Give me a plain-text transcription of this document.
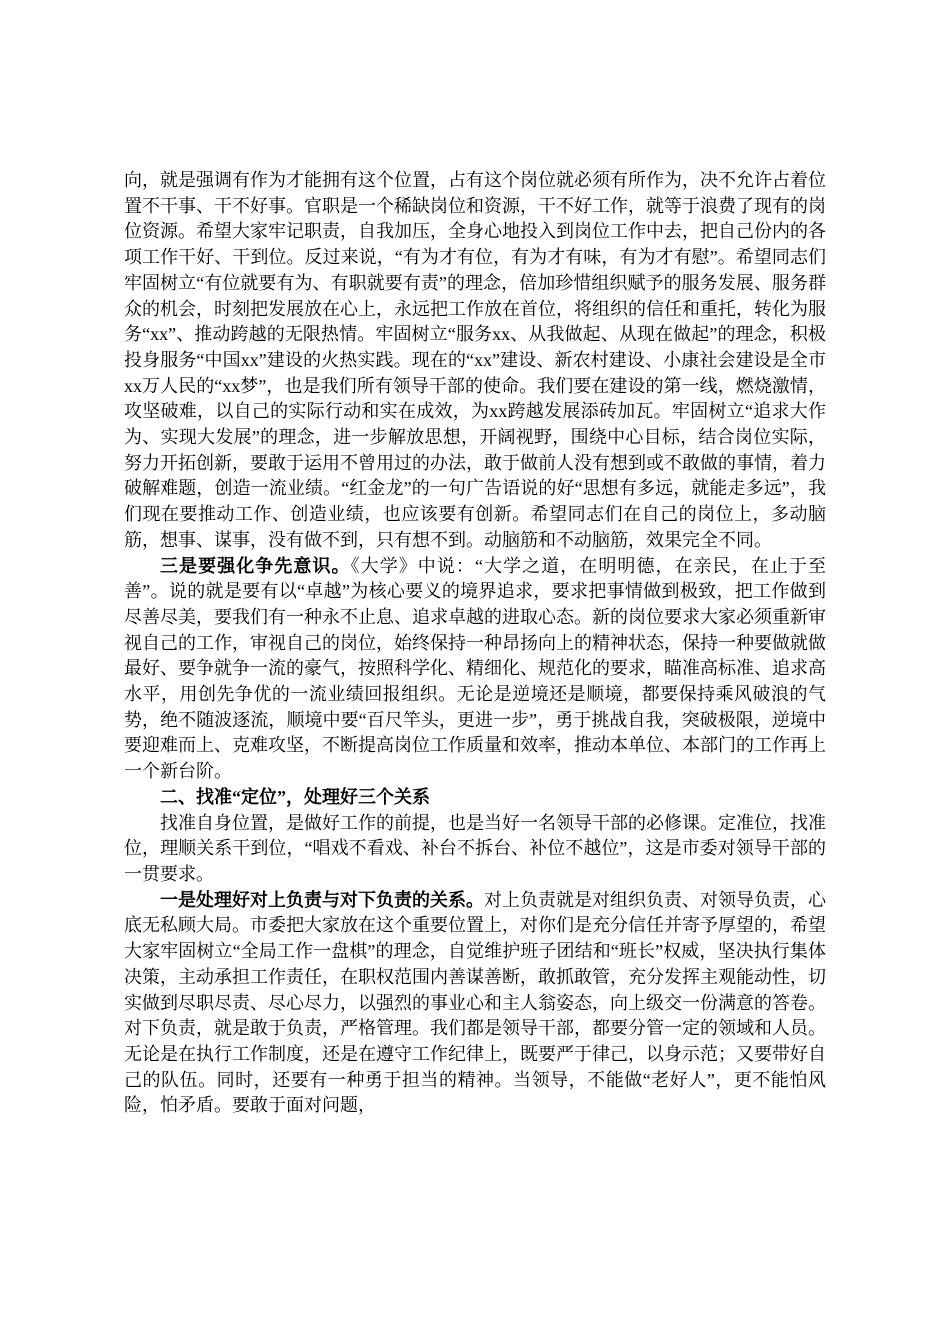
向，就是强调有作为才能拥有这个位置，占有这个岗位就必须有所作为，决不允许占着位置不干事、干不好事。官职是一个稀缺岗位和资源，干不好工作，就等于浪费了现有的岗位资源。希望大家牢记职责，自我加压，全身心地投入到岗位工作中去，把自己份内的各项工作干好、干到位。反过来说，“有为才有位，有为才有味，有为才有慰”。希望同志们牢固树立“有位就要有为、有职就要有责”的理念，倍加珍惜组织赋予的服务发展、服务群众的机会，时刻把发展放在心上，永远把工作放在首位，将组织的信任和重托，转化为服务“xx”、推动跨越的无限热情。牢固树立“服务xx、从我做起、从现在做起”的理念，积极投身服务“中国xx”建设的火热实践。现在的“xx”建设、新农村建设、小康社会建设是全市xx万人民的“xx梦”，也是我们所有领导干部的使命。我们要在建设的第一线，燃烧激情，攻坚破难，以自己的实际行动和实在成效，为xx跨越发展添砖加瓦。牢固树立“追求大作为、实现大发展”的理念，进一步解放思想，开阔视野，围绕中心目标，结合岗位实际，努力开拓创新，要敢于运用不曾用过的办法，敢于做前人没有想到或不敢做的事情，着力破解难题，创造一流业绩。“红金龙”的一句广告语说的好“思想有多远，就能走多远”，我们现在要推动工作、创造业绩，也应该要有创新。希望同志们在自己的岗位上，多动脑筋，想事、谋事，没有做不到，只有想不到。动脑筋和不动脑筋，效果完全不同。

三是要强化争先意识。《大学》中说：“大学之道，在明明德，在亲民，在止于至善”。说的就是要有以“卓越”为核心要义的境界追求，要求把事情做到极致，把工作做到尽善尽美，要我们有一种永不止息、追求卓越的进取心态。新的岗位要求大家必须重新审视自己的工作，审视自己的岗位，始终保持一种昂扬向上的精神状态，保持一种要做就做最好、要争就争一流的豪气，按照科学化、精细化、规范化的要求，瞄准高标准、追求高水平，用创先争优的一流业绩回报组织。无论是逆境还是顺境，都要保持乘风破浪的气势，绝不随波逐流，顺境中要“百尺竿头，更进一步”，勇于挑战自我，突破极限，逆境中要迎难而上、克难攻坚，不断提高岗位工作质量和效率，推动本单位、本部门的工作再上一个新台阶。

二、找准“定位”，处理好三个关系

找准自身位置，是做好工作的前提，也是当好一名领导干部的必修课。定准位，找准位，理顺关系干到位，“唱戏不看戏、补台不拆台、补位不越位”，这是市委对领导干部的一贯要求。

一是处理好对上负责与对下负责的关系。对上负责就是对组织负责、对领导负责，心底无私顾大局。市委把大家放在这个重要位置上，对你们是充分信任并寄予厚望的，希望大家牢固树立“全局工作一盘棋”的理念，自觉维护班子团结和“班长”权威，坚决执行集体决策，主动承担工作责任，在职权范围内善谋善断，敢抓敢管，充分发挥主观能动性，切实做到尽职尽责、尽心尽力，以强烈的事业心和主人翁姿态，向上级交一份满意的答卷。对下负责，就是敢于负责，严格管理。我们都是领导干部，都要分管一定的领域和人员。无论是在执行工作制度，还是在遵守工作纪律上，既要严于律己，以身示范；又要带好自己的队伍。同时，还要有一种勇于担当的精神。当领导，不能做“老好人”，更不能怕风险，怕矛盾。要敢于面对问题，
